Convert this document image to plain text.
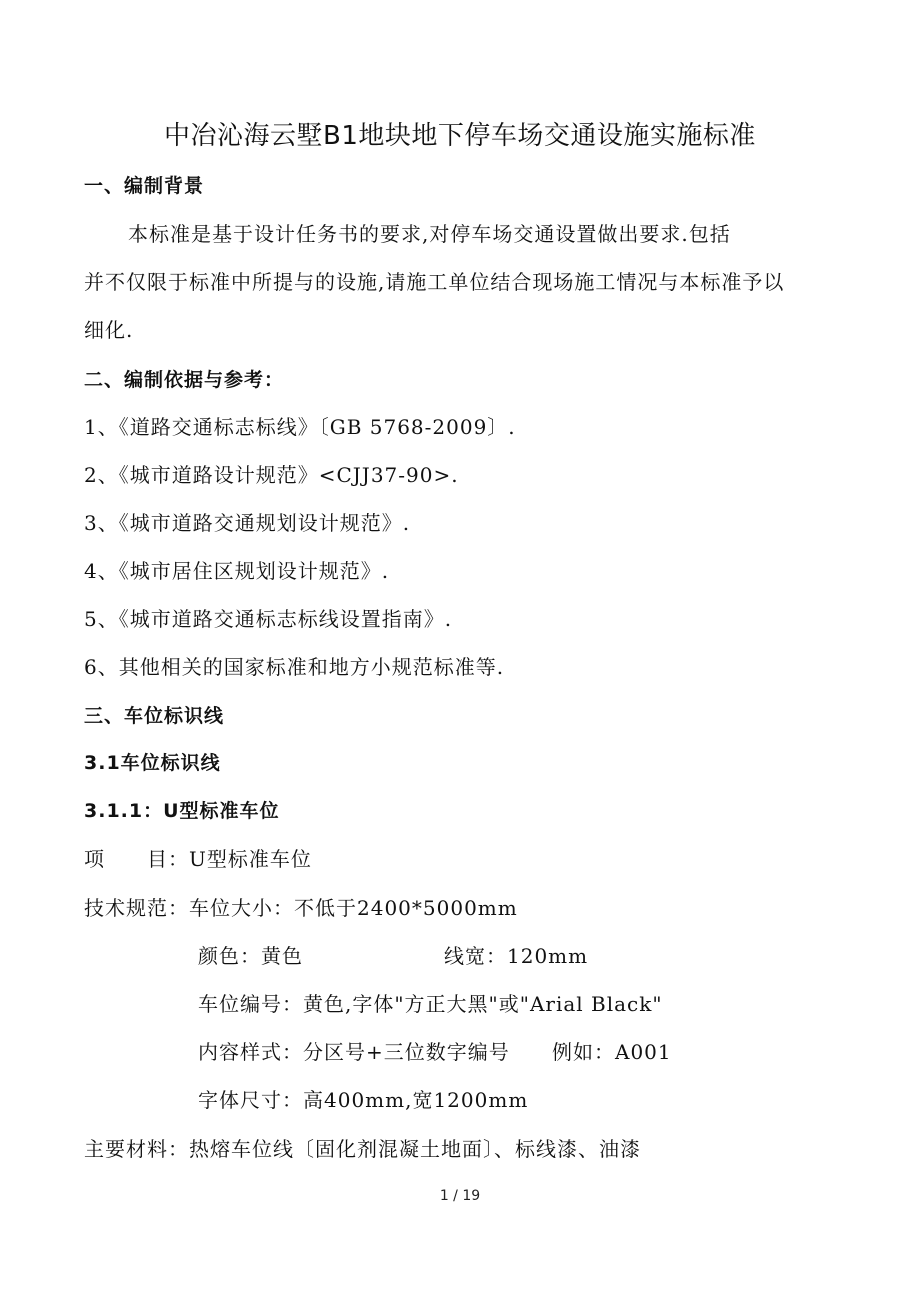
中冶沁海云墅B1地块地下停车场交通设施实施标准
一、编制背景
本标准是基于设计任务书的要求,对停车场交通设置做出要求.包括
并不仅限于标准中所提与的设施,请施工单位结合现场施工情况与本标准予以
细化.
二、编制依据与参考：
1、《道路交通标志标线》〔GB 5768-2009〕.
2、《城市道路设计规范》<CJJ37-90>.
3、《城市道路交通规划设计规范》.
4、《城市居住区规划设计规范》.
5、《城市道路交通标志标线设置指南》.
6、其他相关的国家标准和地方小规范标准等.
三、车位标识线
3.1车位标识线
3.1.1：U型标准车位
项　　目：U型标准车位
技术规范：车位大小：不低于2400*5000mm
颜色：黄色	线宽：120mm
车位编号：黄色,字体"方正大黑"或"Arial Black"
内容样式：分区号+三位数字编号 例如：A001
字体尺寸：高400mm,宽1200mm
主要材料：热熔车位线〔固化剂混凝土地面〕、标线漆、油漆
1 / 19
